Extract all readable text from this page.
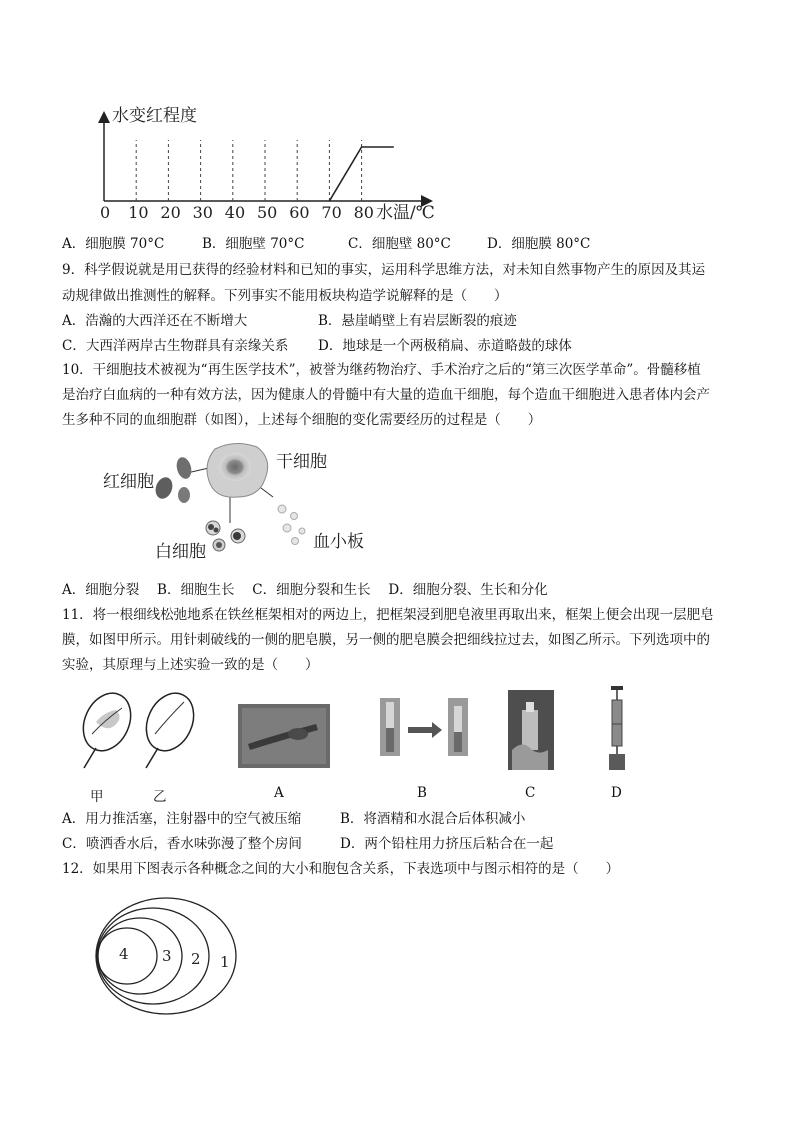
水变红程度
水温/℃
0 10 20 30 40 50 60 70 80
A．细胞膜 70°C	B．细胞壁 70°C	C．细胞壁 80°C	D．细胞膜 80°C
9．科学假说就是用已获得的经验材料和已知的事实，运用科学思维方法，对未知自然事物产生的原因及其运
动规律做出推测性的解释。下列事实不能用板块构造学说解释的是（　　）
A．浩瀚的大西洋还在不断增大	B．悬崖峭壁上有岩层断裂的痕迹
C．大西洋两岸古生物群具有亲缘关系 D．地球是一个两极稍扁、赤道略鼓的球体
10．干细胞技术被视为“再生医学技术”，被誉为继药物治疗、手术治疗之后的“第三次医学革命”。骨髓移植
是治疗白血病的一种有效方法，因为健康人的骨髓中有大量的造血干细胞，每个造血干细胞进入患者体内会产
生多种不同的血细胞群（如图），上述每个细胞的变化需要经历的过程是（　　）
干细胞
红细胞
白细胞	血小板
A．细胞分裂　 B．细胞生长　 C．细胞分裂和生长　 D．细胞分裂、生长和分化
11．将一根细线松弛地系在铁丝框架相对的两边上，把框架浸到肥皂液里再取出来，框架上便会出现一层肥皂
膜，如图甲所示。用针刺破线的一侧的肥皂膜，另一侧的肥皂膜会把细线拉过去，如图乙所示。下列选项中的
实验，其原理与上述实验一致的是（　　）
甲	乙	A	B	C	D
A．用力推活塞，注射器中的空气被压缩	B．将酒精和水混合后体积减小
C．喷洒香水后，香水味弥漫了整个房间	D．两个铅柱用力挤压后粘合在一起
12．如果用下图表示各种概念之间的大小和胞包含关系，下表选项中与图示相符的是（　　）
4 3 2 1
